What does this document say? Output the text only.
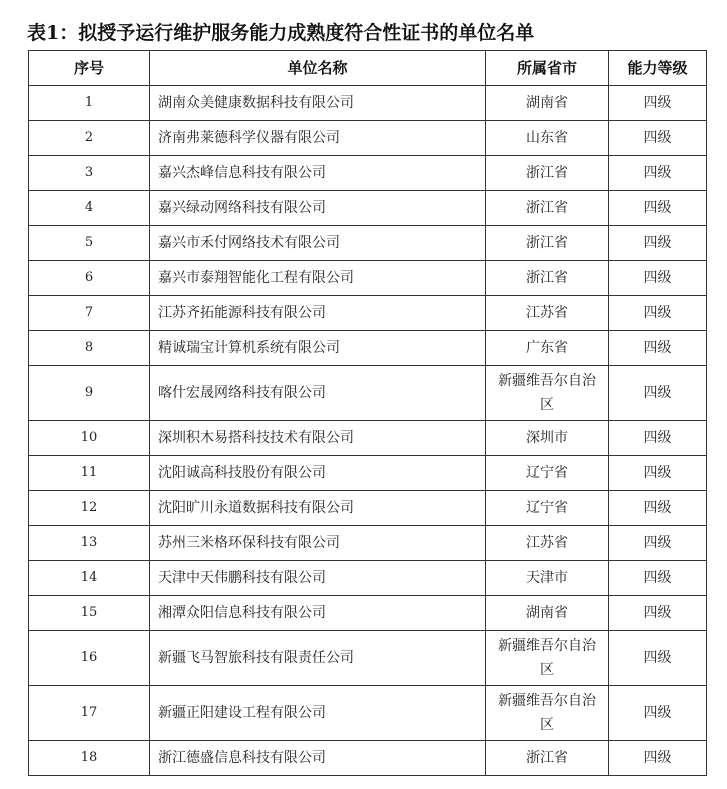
表1：拟授予运行维护服务能力成熟度符合性证书的单位名单
序号	单位名称	所属省市	能力等级
1	湖南众美健康数据科技有限公司	湖南省	四级
2	济南弗莱德科学仪器有限公司	山东省	四级
3	嘉兴杰峰信息科技有限公司	浙江省	四级
4	嘉兴绿动网络科技有限公司	浙江省	四级
5	嘉兴市禾付网络技术有限公司	浙江省	四级
6	嘉兴市泰翔智能化工程有限公司	浙江省	四级
7	江苏齐拓能源科技有限公司	江苏省	四级
8	精诚瑞宝计算机系统有限公司	广东省	四级
9	喀什宏晟网络科技有限公司	新疆维吾尔自治区	四级
10	深圳积木易搭科技技术有限公司	深圳市	四级
11	沈阳诚高科技股份有限公司	辽宁省	四级
12	沈阳旷川永道数据科技有限公司	辽宁省	四级
13	苏州三米格环保科技有限公司	江苏省	四级
14	天津中天伟鹏科技有限公司	天津市	四级
15	湘潭众阳信息科技有限公司	湖南省	四级
16	新疆飞马智旅科技有限责任公司	新疆维吾尔自治区	四级
17	新疆正阳建设工程有限公司	新疆维吾尔自治区	四级
18	浙江德盛信息科技有限公司	浙江省	四级
